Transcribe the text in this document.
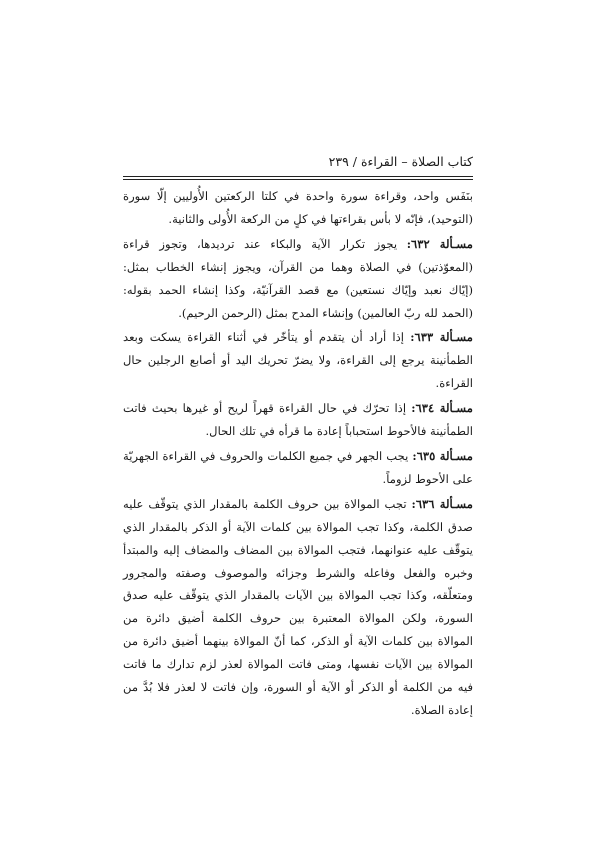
كتاب الصلاة – القراءة / ٢٣٩

بنَفَس واحد، وقراءة سورة واحدة في كلتا الركعتين الأُوليين إلّا سورة (التوحيد)، فإنّه لا بأس بقراءتها في كلٍ من الركعة الأُولى والثانية.

مسـألة ٦٣٢: يجوز تكرار الآية والبكاء عند ترديدها، وتجوز قراءة (المعوّذتين) في الصلاة وهما من القرآن، ويجوز إنشاء الخطاب بمثل: (إيّاك نعبد وإيّاك نستعين) مع قصد القرآنيّة، وكذا إنشاء الحمد بقوله: (الحمد لله ربّ العالمين) وإنشاء المدح بمثل (الرحمن الرحيم).

مسـألة ٦٣٣: إذا أراد أن يتقدم أو يتأخّر في أثناء القراءة يسكت وبعد الطمأنينة يرجع إلى القراءة، ولا يضرّ تحريك اليد أو أصابع الرجلين حال القراءة.

مسـألة ٦٣٤: إذا تحرّك في حال القراءة قهراً لريح أو غيرها بحيث فاتت الطمأنينة فالأحوط استحباباً إعادة ما قرأه في تلك الحال.

مسـألة ٦٣٥: يجب الجهر في جميع الكلمات والحروف في القراءة الجهريّة على الأحوط لزوماً.

مسـألة ٦٣٦: تجب الموالاة بين حروف الكلمة بالمقدار الذي يتوقّف عليه صدق الكلمة، وكذا تجب الموالاة بين كلمات الآية أو الذكر بالمقدار الذي يتوقّف عليه عنوانهما، فتجب الموالاة بين المضاف والمضاف إليه والمبتدأ وخبره والفعل وفاعله والشرط وجزائه والموصوف وصفته والمجرور ومتعلّقه، وكذا تجب الموالاة بين الآيات بالمقدار الذي يتوقّف عليه صدق السورة، ولكن الموالاة المعتبرة بين حروف الكلمة أضيق دائرة من الموالاة بين كلمات الآية أو الذكر، كما أنّ الموالاة بينهما أضيق دائرة من الموالاة بين الآيات نفسها، ومتى فاتت الموالاة لعذر لزم تدارك ما فاتت فيه من الكلمة أو الذكر أو الآية أو السورة، وإن فاتت لا لعذر فلا بُدَّ من إعادة الصلاة.
